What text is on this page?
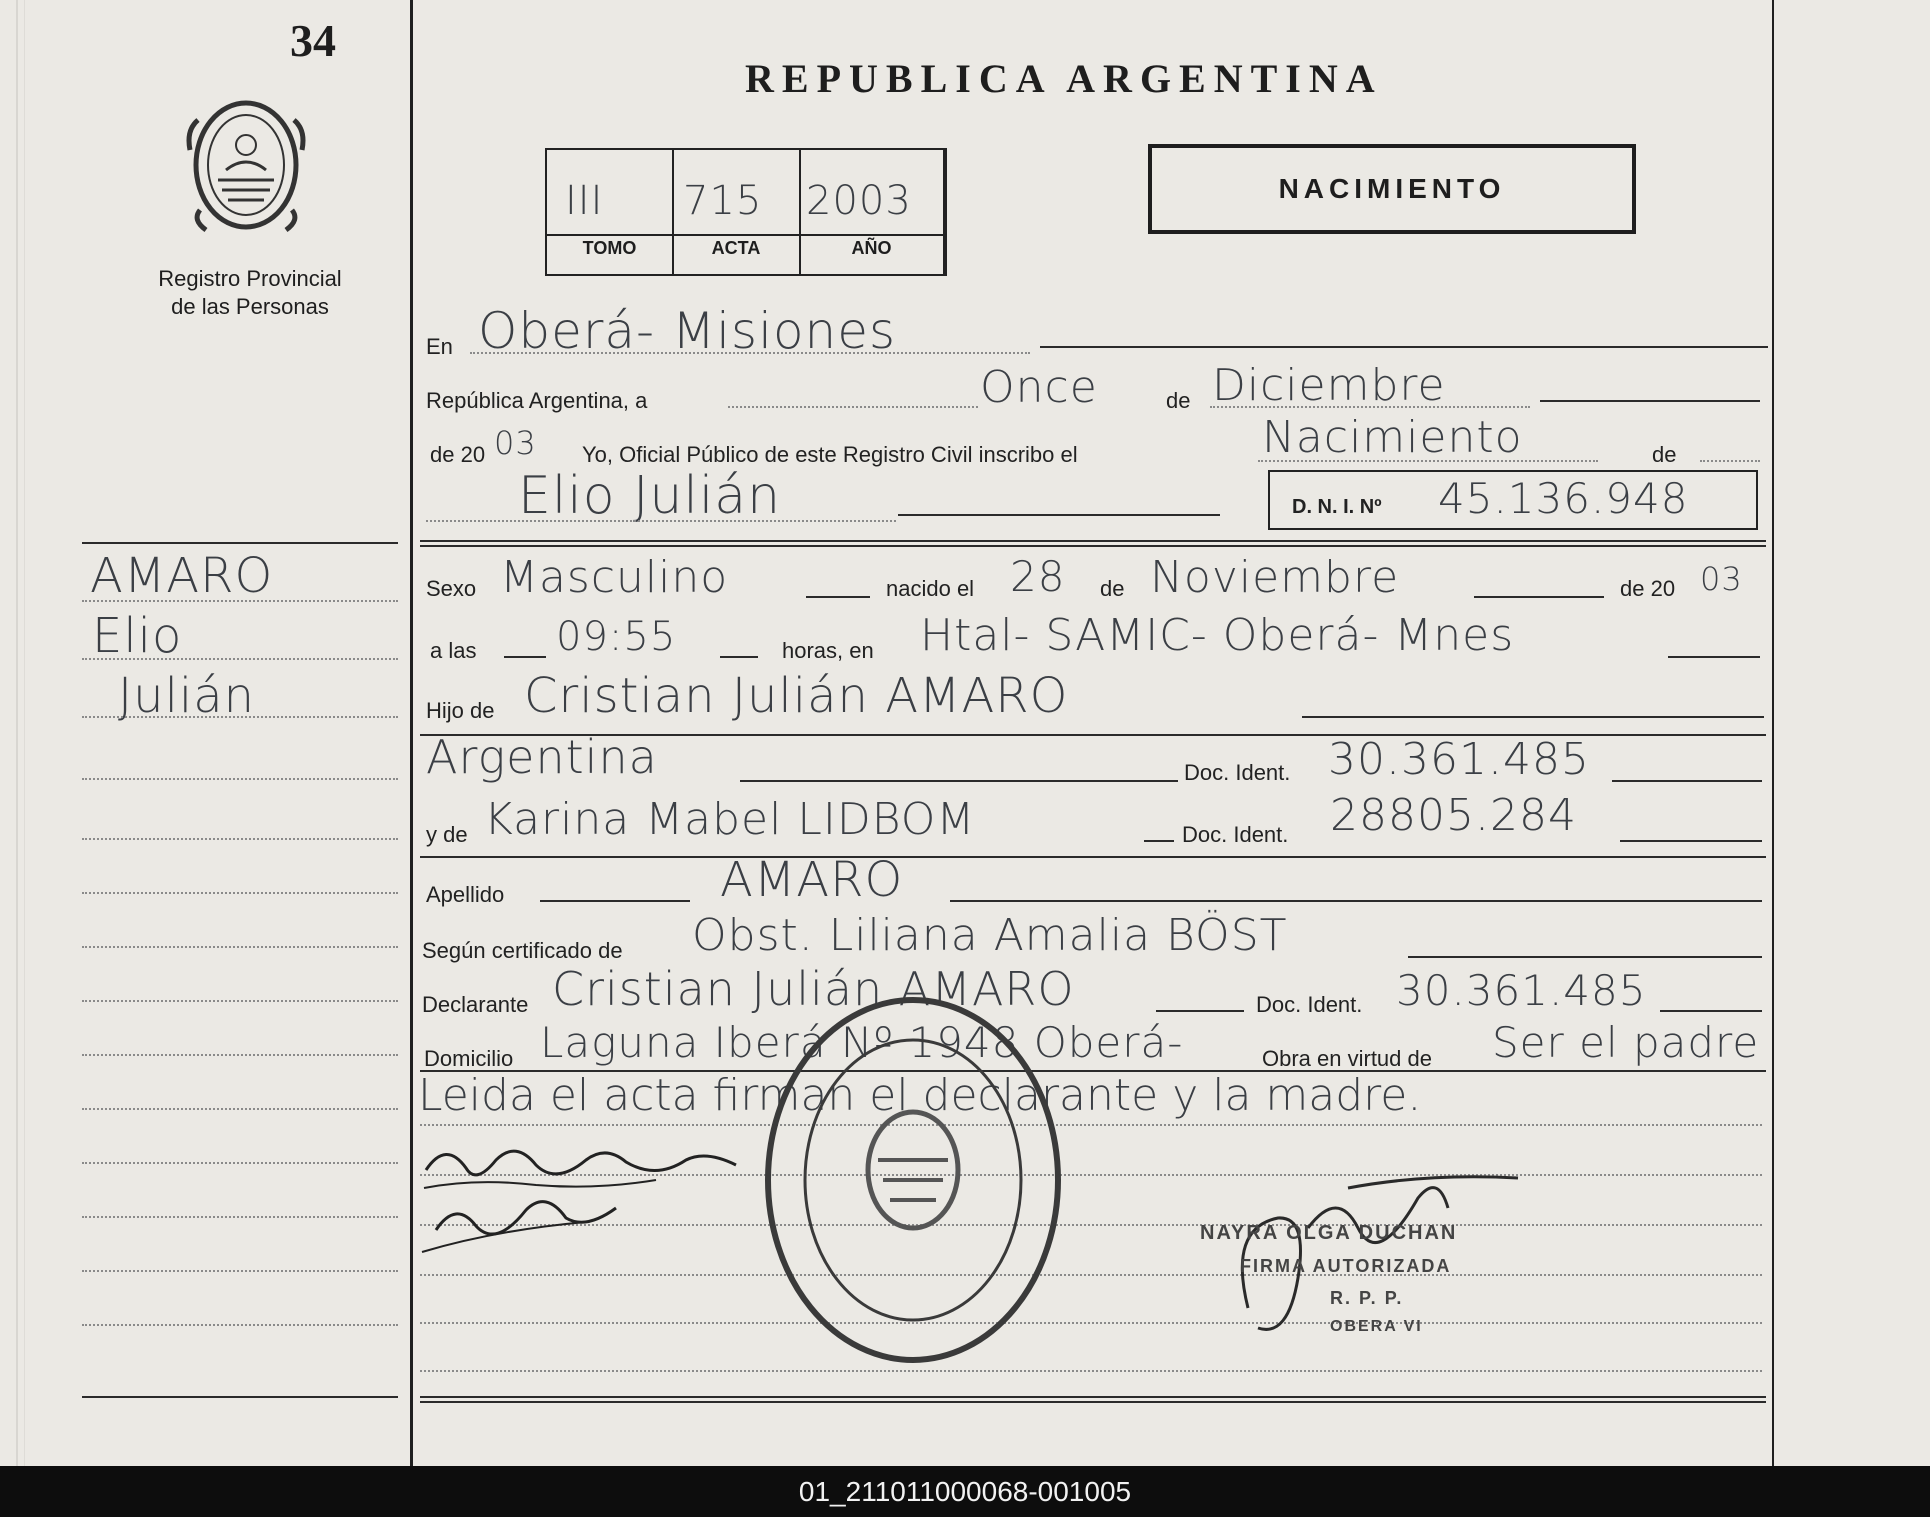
34
Registro Provincial
de las Personas
REPUBLICA ARGENTINA
III
TOMO
715
ACTA
2003
AÑO
NACIMIENTO
AMARO
Elio
Julián
En Oberá- Misiones
República Argentina, a	Once	de Diciembre
de 20 03 Yo, Oficial Público de este Registro Civil inscribo el	Nacimiento	de
Elio Julián	D. N. I. Nº 45.136.948
Sexo Masculino	nacido el 28 de Noviembre	de 20 03
a las 09:55	horas, en Htal- SAMIC- Oberá- Mnes
Hijo de Cristian Julián AMARO
Argentina	Doc. Ident. 30.361.485
y de Karina Mabel LIDBOM	Doc. Ident. 28805.284
Apellido	AMARO
Según certificado de Obst. Liliana Amalia BÖST
Declarante Cristian Julián AMARO	Doc. Ident. 30.361.485
Domicilio Laguna Iberá Nº 1948 Oberá-	Obra en virtud de Ser el padre
Leida el acta firman el declarante y la madre.
NAYRA OLGA DUCHAN
FIRMA AUTORIZADA
R. P. P.
OBERA VI
01_211011000068-001005
